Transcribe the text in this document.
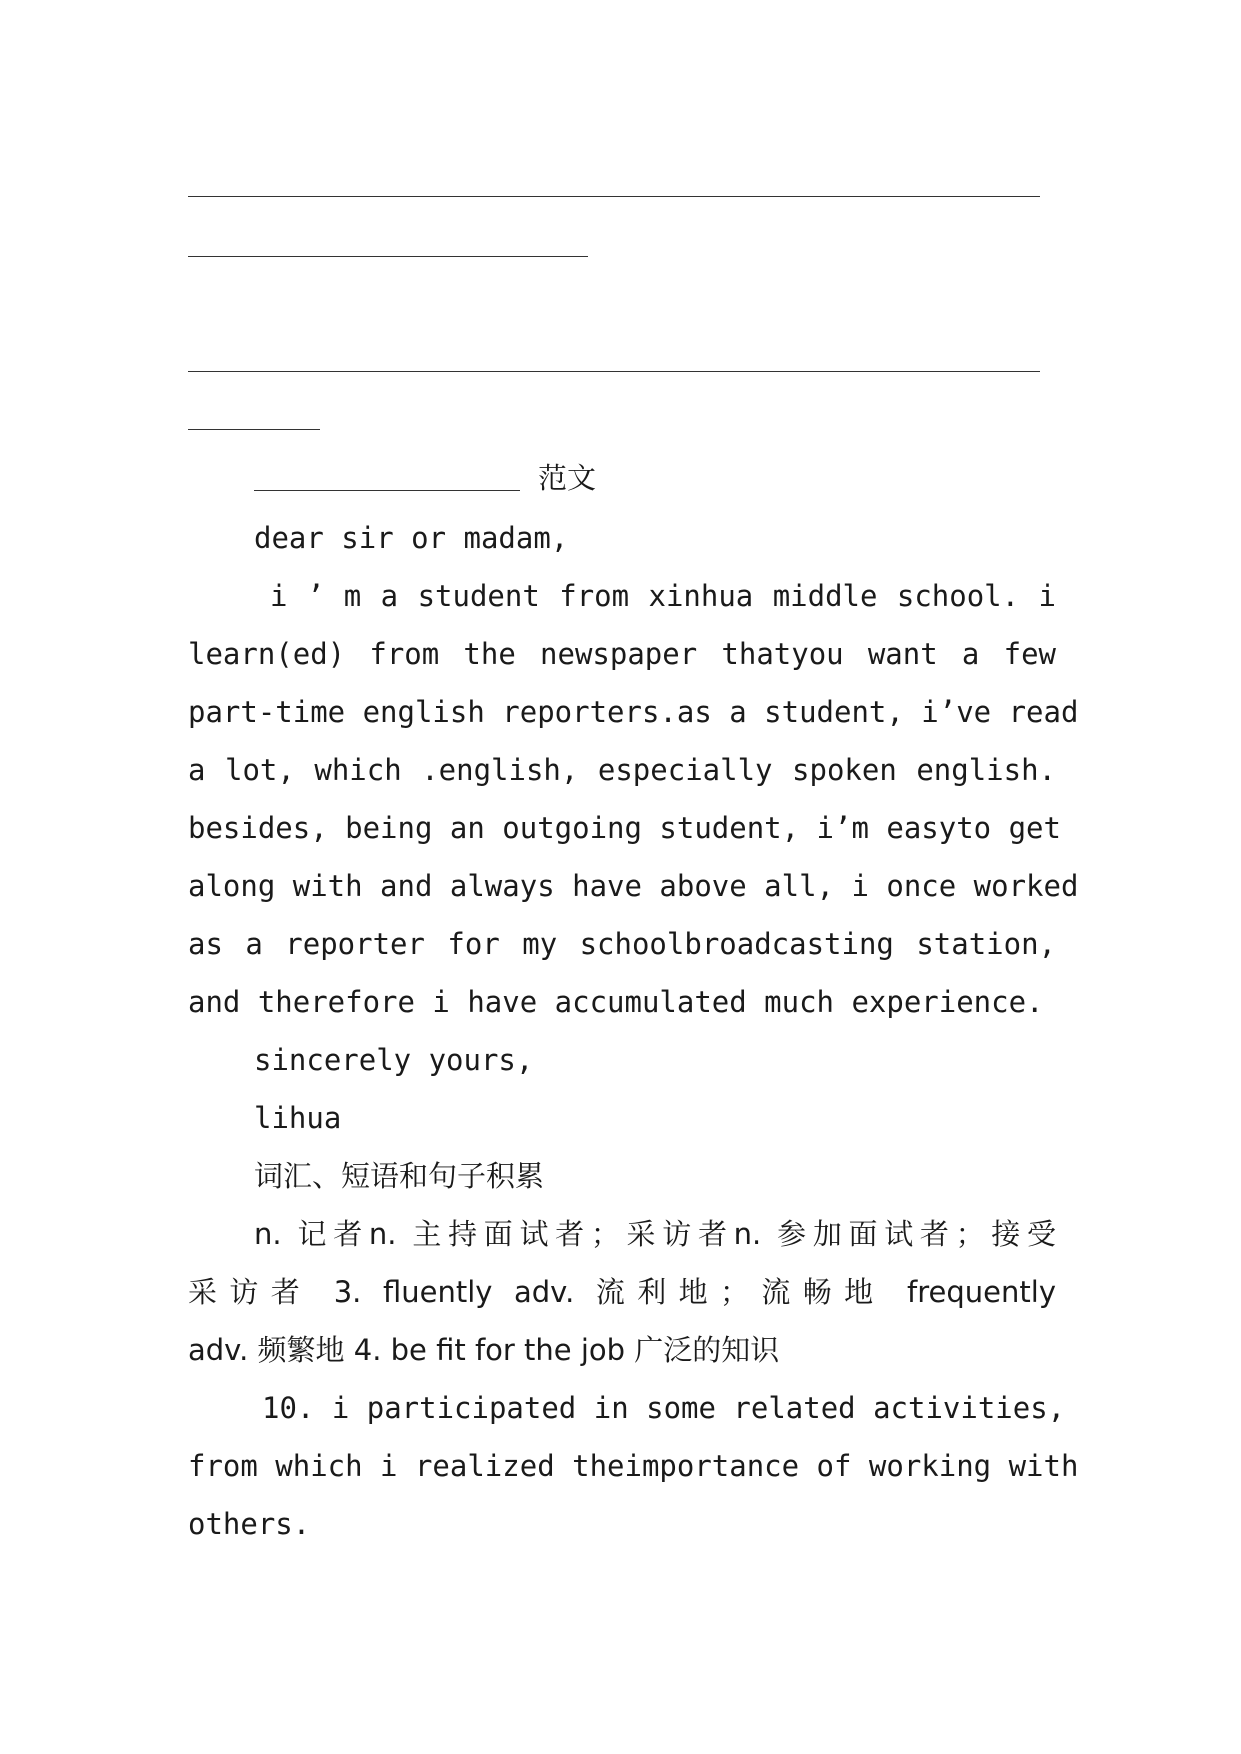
范文
dear sir or madam,
i ’ m a student from xinhua middle school. i
learn(ed) from the newspaper thatyou want a few
part-time english reporters.as a student, i’ve read
a lot, which .english, especially spoken english.
besides, being an outgoing student, i’m easyto get
along with and always have above all, i once worked
as a reporter for my schoolbroadcasting station,
and therefore i have accumulated much experience.
sincerely yours,
lihua
词汇、短语和句子积累
n. 记者n. 主持面试者；采访者n. 参加面试者；接受
采访者 3. fluently adv. 流利地；流畅地 frequently
adv. 频繁地 4. be fit for the job 广泛的知识
10. i participated in some related activities,
from which i realized theimportance of working with
others.
